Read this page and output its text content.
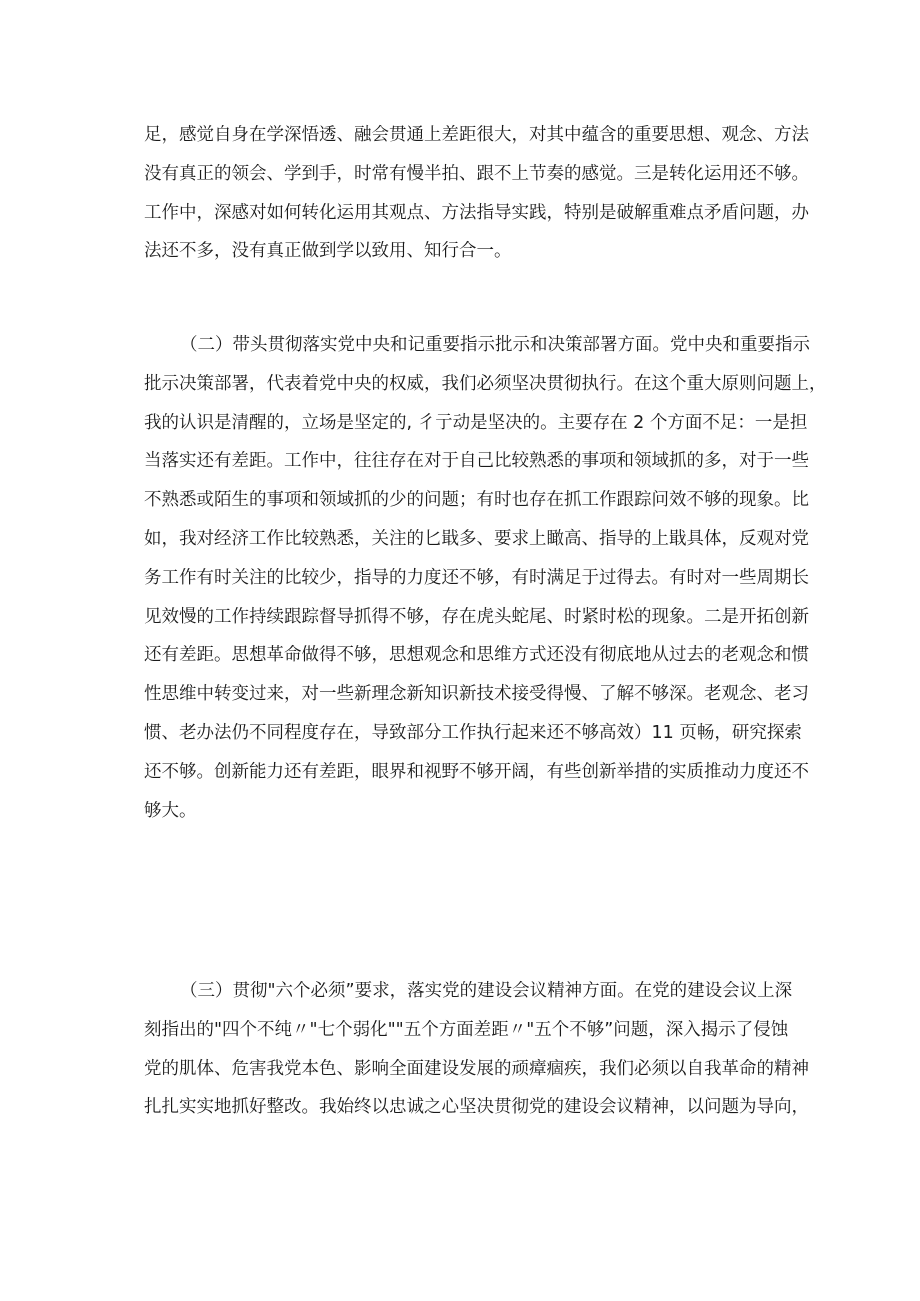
足，感觉自身在学深悟透、融会贯通上差距很大，对其中蕴含的重要思想、观念、方法
没有真正的领会、学到手，时常有慢半拍、跟不上节奏的感觉。三是转化运用还不够。
工作中，深感对如何转化运用其观点、方法指导实践，特别是破解重难点矛盾问题，办
法还不多，没有真正做到学以致用、知行合一。
（二）带头贯彻落实党中央和记重要指示批示和决策部署方面。党中央和重要指示
批示决策部署，代表着党中央的权威，我们必须坚决贯彻执行。在这个重大原则问题上，
我的认识是清醒的，立场是坚定的, 彳亍动是坚决的。主要存在 2 个方面不足：一是担
当落实还有差距。工作中，往往存在对于自己比较熟悉的事项和领域抓的多，对于一些
不熟悉或陌生的事项和领域抓的少的问题；有时也存在抓工作跟踪问效不够的现象。比
如，我对经济工作比较熟悉，关注的匕戢多、要求上瞰高、指导的上戢具体，反观对党
务工作有时关注的比较少，指导的力度还不够，有时满足于过得去。有时对一些周期长
见效慢的工作持续跟踪督导抓得不够，存在虎头蛇尾、时紧时松的现象。二是开拓创新
还有差距。思想革命做得不够，思想观念和思维方式还没有彻底地从过去的老观念和惯
性思维中转变过来，对一些新理念新知识新技术接受得慢、了解不够深。老观念、老习
惯、老办法仍不同程度存在，导致部分工作执行起来还不够高效）11 页畅，研究探索
还不够。创新能力还有差距，眼界和视野不够开阔，有些创新举措的实质推动力度还不
够大。
（三）贯彻"六个必须”要求，落实党的建设会议精神方面。在党的建设会议上深
刻指出的"四个不纯〃"七个弱化""五个方面差距〃"五个不够”问题，深入揭示了侵蚀
党的肌体、危害我党本色、影响全面建设发展的顽瘴痼疾，我们必须以自我革命的精神
扎扎实实地抓好整改。我始终以忠诚之心坚决贯彻党的建设会议精神，以问题为导向，
